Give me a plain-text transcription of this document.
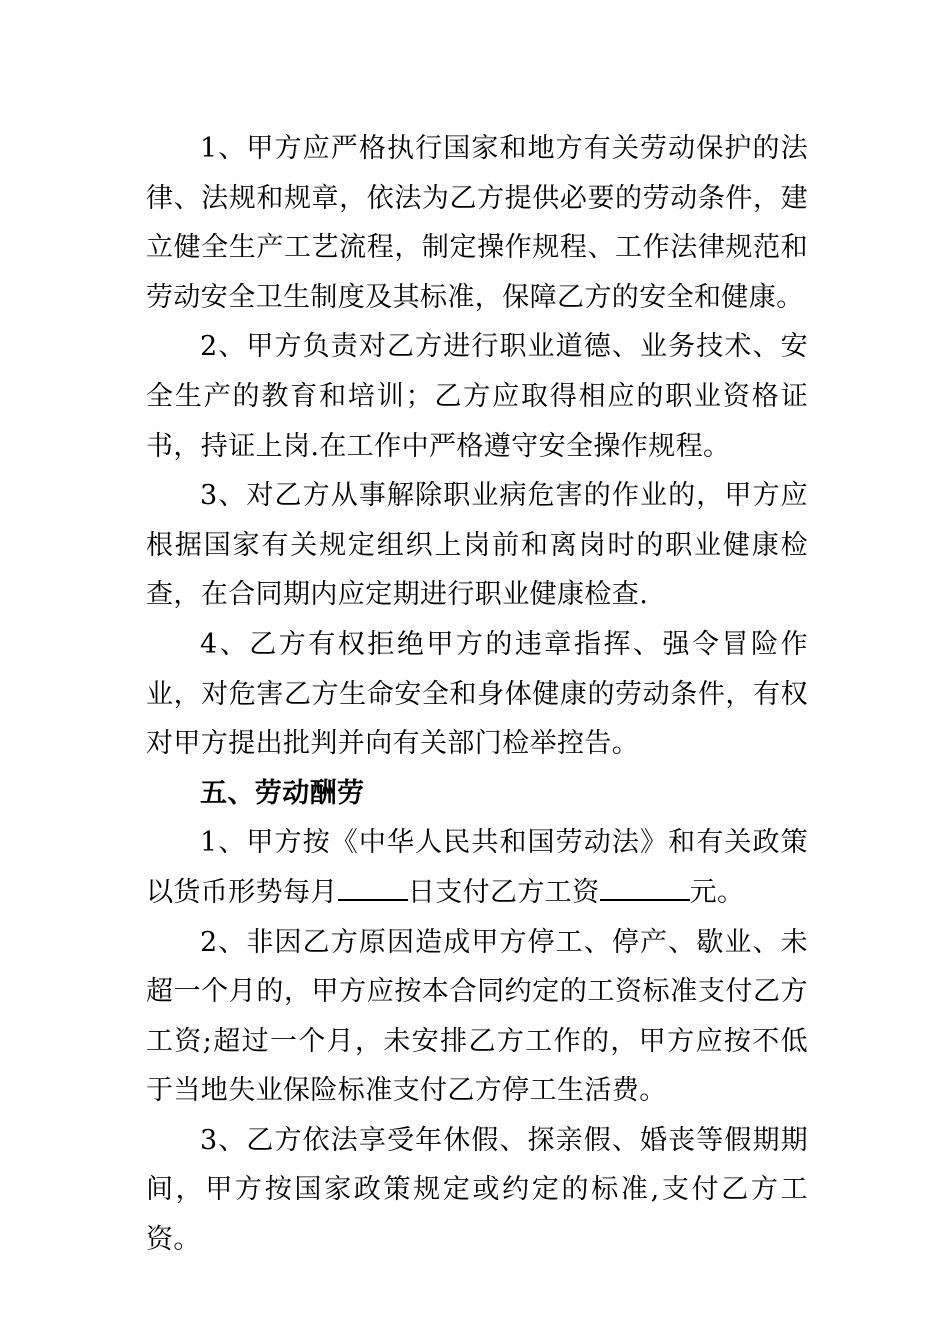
1、甲方应严格执行国家和地方有关劳动保护的法律、法规和规章，依法为乙方提供必要的劳动条件，建立健全生产工艺流程，制定操作规程、工作法律规范和劳动安全卫生制度及其标准，保障乙方的安全和健康。

2、甲方负责对乙方进行职业道德、业务技术、安全生产的教育和培训；乙方应取得相应的职业资格证书，持证上岗.在工作中严格遵守安全操作规程。

3、对乙方从事解除职业病危害的作业的，甲方应根据国家有关规定组织上岗前和离岗时的职业健康检查，在合同期内应定期进行职业健康检查.

4、乙方有权拒绝甲方的违章指挥、强令冒险作业，对危害乙方生命安全和身体健康的劳动条件，有权对甲方提出批判并向有关部门检举控告。

五、劳动酬劳

1、甲方按《中华人民共和国劳动法》和有关政策以货币形势每月	日支付乙方工资	元。

2、非因乙方原因造成甲方停工、停产、歇业、未超一个月的，甲方应按本合同约定的工资标准支付乙方工资;超过一个月，未安排乙方工作的，甲方应按不低于当地失业保险标准支付乙方停工生活费。

3、乙方依法享受年休假、探亲假、婚丧等假期期间，甲方按国家政策规定或约定的标准,支付乙方工资。
